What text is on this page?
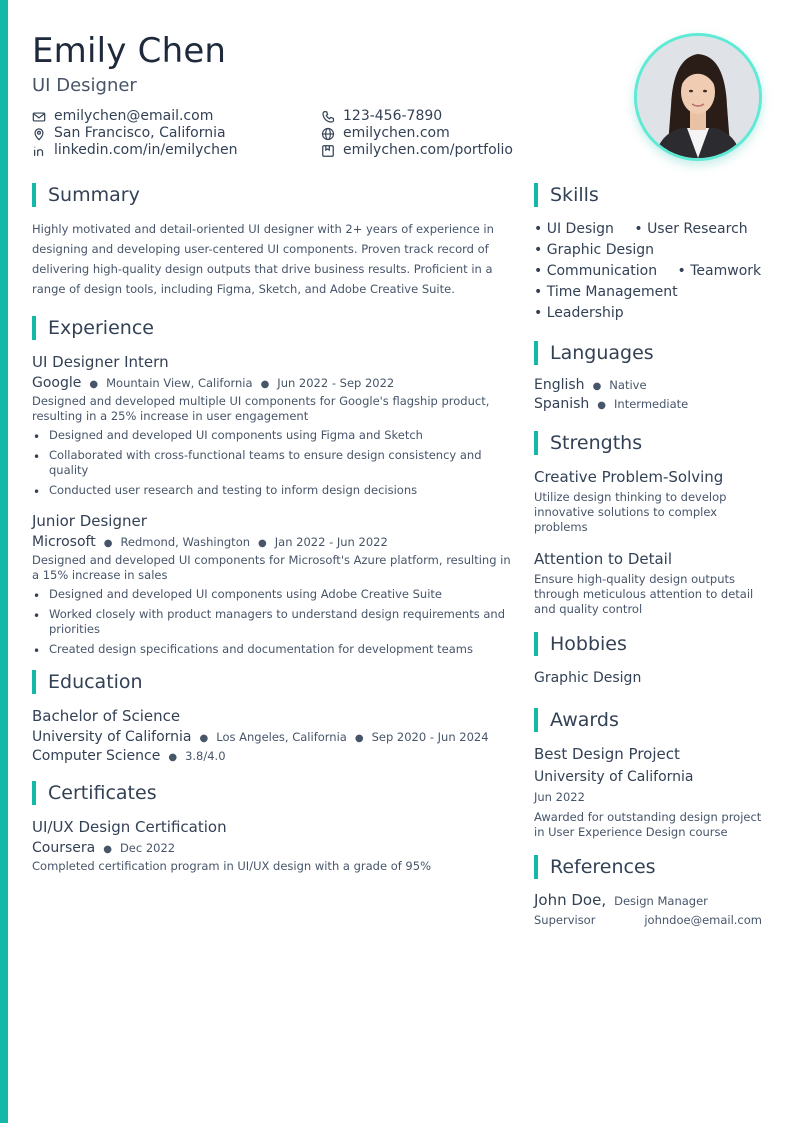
Emily Chen
UI Designer
emilychen@email.com
San Francisco, California
linkedin.com/in/emilychen
123-456-7890
emilychen.com
emilychen.com/portfolio
Summary
Highly motivated and detail-oriented UI designer with 2+ years of experience in designing and developing user-centered UI components. Proven track record of delivering high-quality design outputs that drive business results. Proficient in a range of design tools, including Figma, Sketch, and Adobe Creative Suite.
Experience
UI Designer Intern
Google ● Mountain View, California ● Jun 2022 - Sep 2022
Designed and developed multiple UI components for Google's flagship product, resulting in a 25% increase in user engagement
• Designed and developed UI components using Figma and Sketch
• Collaborated with cross-functional teams to ensure design consistency and quality
• Conducted user research and testing to inform design decisions
Junior Designer
Microsoft ● Redmond, Washington ● Jan 2022 - Jun 2022
Designed and developed UI components for Microsoft's Azure platform, resulting in a 15% increase in sales
• Designed and developed UI components using Adobe Creative Suite
• Worked closely with product managers to understand design requirements and priorities
• Created design specifications and documentation for development teams
Education
Bachelor of Science
University of California ● Los Angeles, California ● Sep 2020 - Jun 2024
Computer Science ● 3.8/4.0
Certificates
UI/UX Design Certification
Coursera ● Dec 2022
Completed certification program in UI/UX design with a grade of 95%
Skills
• UI Design • User Research
• Graphic Design
• Communication • Teamwork
• Time Management
• Leadership
Languages
English ● Native
Spanish ● Intermediate
Strengths
Creative Problem-Solving
Utilize design thinking to develop innovative solutions to complex problems
Attention to Detail
Ensure high-quality design outputs through meticulous attention to detail and quality control
Hobbies
Graphic Design
Awards
Best Design Project
University of California
Jun 2022
Awarded for outstanding design project in User Experience Design course
References
John Doe, Design Manager
Supervisor	johndoe@email.com
